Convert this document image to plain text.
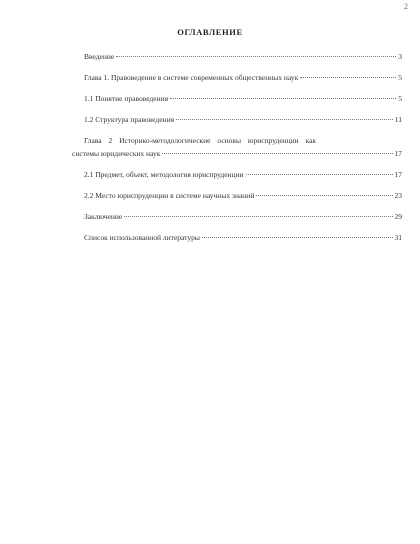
2
ОГЛАВЛЕНИЕ
Введение	3
Глава 1. Правоведение в системе современных общественных наук	5
1.1 Понятие правоведения	5
1.2 Структура правоведения	11
Глава 2 Историко-методологические основы юриспруденции как
системы юридических наук	17
2.1 Предмет, объект, методология юриспруденции	17
2.2 Место юриспруденции в системе научных знаний	23
Заключение	29
Список использованной литературы	31
